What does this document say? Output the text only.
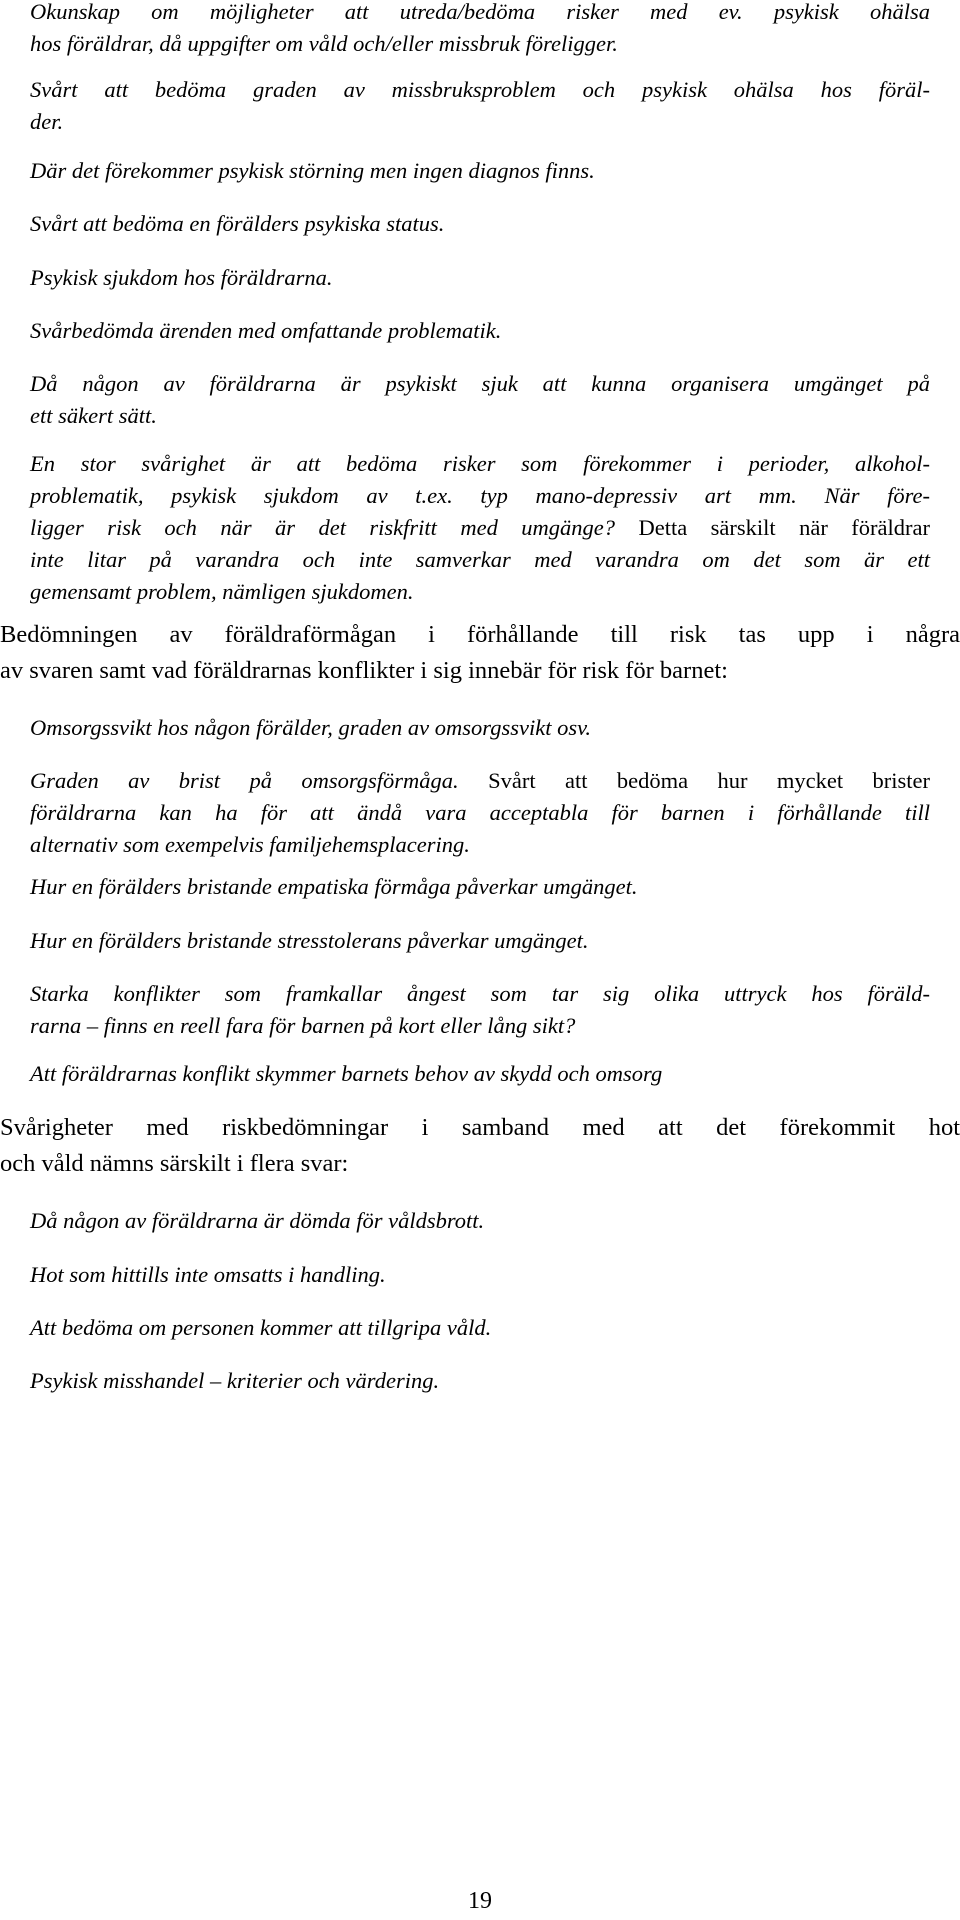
Okunskap om möjligheter att utreda/bedöma risker med ev. psykisk ohälsa
hos föräldrar, då uppgifter om våld och/eller missbruk föreligger.
Svårt att bedöma graden av missbruksproblem och psykisk ohälsa hos föräl-
der.
Där det förekommer psykisk störning men ingen diagnos finns.
Svårt att bedöma en förälders psykiska status.
Psykisk sjukdom hos föräldrarna.
Svårbedömda ärenden med omfattande problematik.
Då någon av föräldrarna är psykiskt sjuk att kunna organisera umgänget på
ett säkert sätt.
En stor svårighet är att bedöma risker som förekommer i perioder, alkohol-
problematik, psykisk sjukdom av t.ex. typ mano-depressiv art mm. När före-
ligger risk och när är det riskfritt med umgänge? Detta särskilt när föräldrar
inte litar på varandra och inte samverkar med varandra om det som är ett
gemensamt problem, nämligen sjukdomen.
Bedömningen av föräldraförmågan i förhållande till risk tas upp i några
av svaren samt vad föräldrarnas konflikter i sig innebär för risk för barnet:
Omsorgssvikt hos någon förälder, graden av omsorgssvikt osv.
Graden av brist på omsorgsförmåga. Svårt att bedöma hur mycket brister
föräldrarna kan ha för att ändå vara acceptabla för barnen i förhållande till
alternativ som exempelvis familjehemsplacering.
Hur en förälders bristande empatiska förmåga påverkar umgänget.
Hur en förälders bristande stresstolerans påverkar umgänget.
Starka konflikter som framkallar ångest som tar sig olika uttryck hos föräld-
rarna – finns en reell fara för barnen på kort eller lång sikt?
Att föräldrarnas konflikt skymmer barnets behov av skydd och omsorg
Svårigheter med riskbedömningar i samband med att det förekommit hot
och våld nämns särskilt i flera svar:
Då någon av föräldrarna är dömda för våldsbrott.
Hot som hittills inte omsatts i handling.
Att bedöma om personen kommer att tillgripa våld.
Psykisk misshandel – kriterier och värdering.
19
